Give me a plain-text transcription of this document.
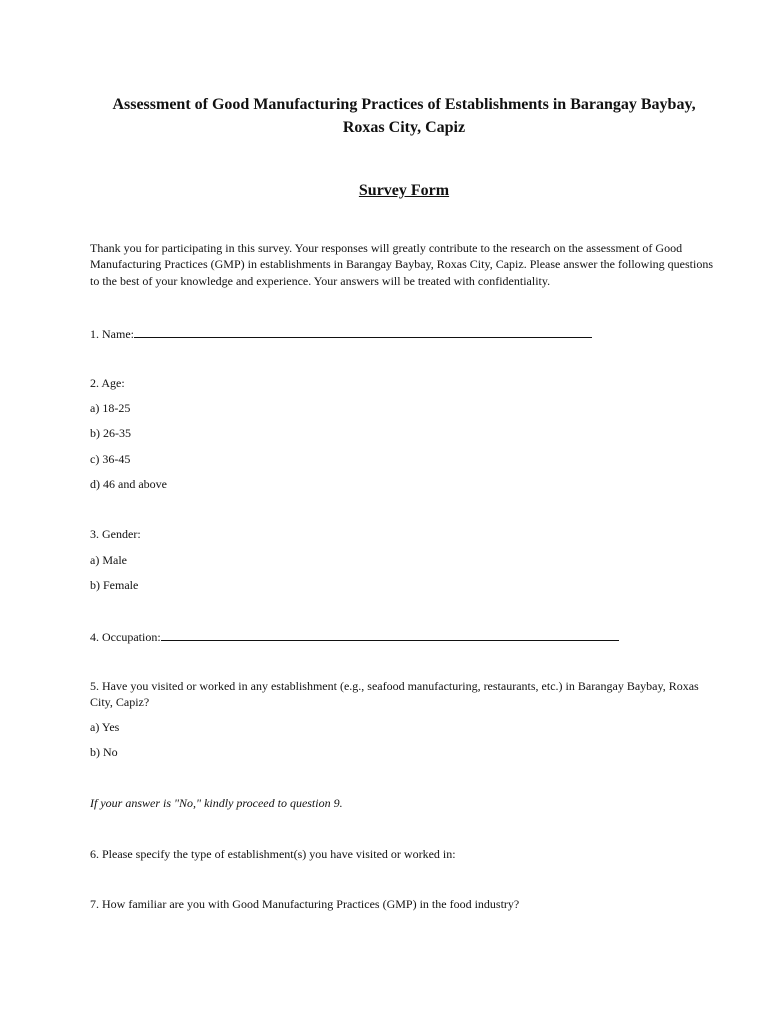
Assessment of Good Manufacturing Practices of Establishments in Barangay Baybay, Roxas City, Capiz
Survey Form
Thank you for participating in this survey. Your responses will greatly contribute to the research on the assessment of Good Manufacturing Practices (GMP) in establishments in Barangay Baybay, Roxas City, Capiz. Please answer the following questions to the best of your knowledge and experience. Your answers will be treated with confidentiality.
1. Name:
2. Age:
a) 18-25
b) 26-35
c) 36-45
d) 46 and above
3. Gender:
a) Male
b) Female
4. Occupation:
5. Have you visited or worked in any establishment (e.g., seafood manufacturing, restaurants, etc.) in Barangay Baybay, Roxas City, Capiz?
a) Yes
b) No
If your answer is "No," kindly proceed to question 9.
6. Please specify the type of establishment(s) you have visited or worked in:
7. How familiar are you with Good Manufacturing Practices (GMP) in the food industry?
